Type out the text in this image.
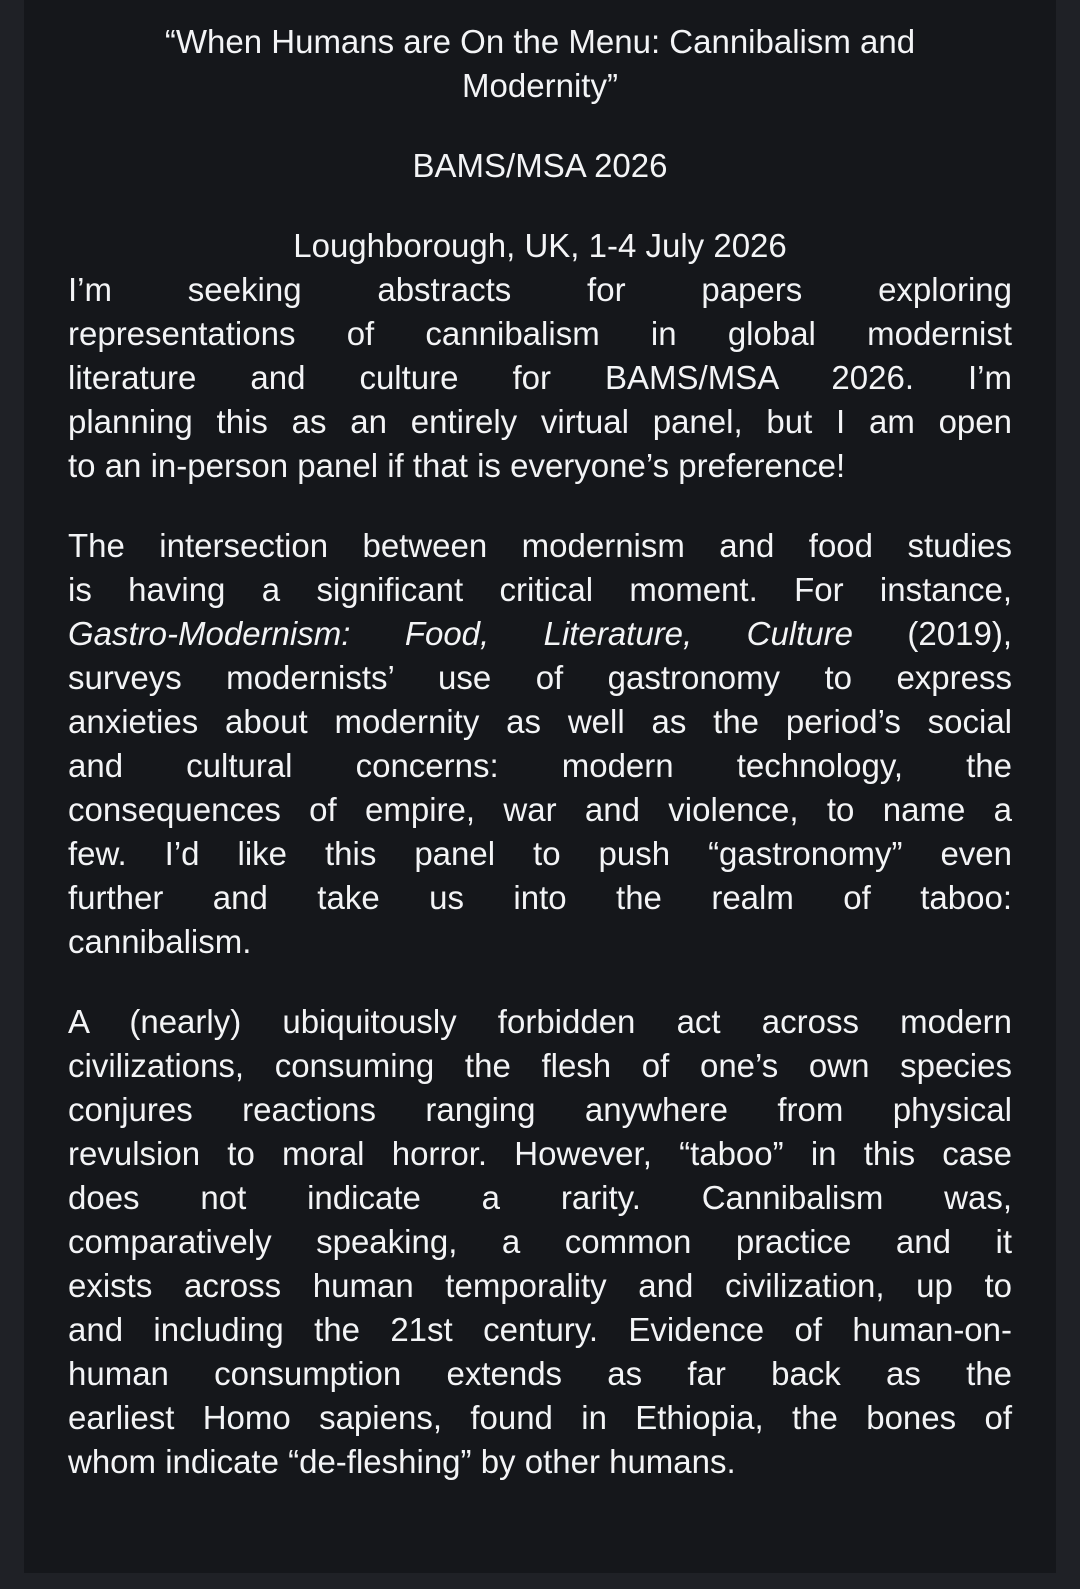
“When Humans are On the Menu: Cannibalism and
Modernity”
BAMS/MSA 2026
Loughborough, UK, 1-4 July 2026

I’m seeking abstracts for papers exploring
representations of cannibalism in global modernist
literature and culture for BAMS/MSA 2026. I’m
planning this as an entirely virtual panel, but I am open
to an in-person panel if that is everyone’s preference!

The intersection between modernism and food studies
is having a significant critical moment. For instance,
Gastro-Modernism: Food, Literature, Culture (2019),
surveys modernists’ use of gastronomy to express
anxieties about modernity as well as the period’s social
and cultural concerns: modern technology, the
consequences of empire, war and violence, to name a
few. I’d like this panel to push “gastronomy” even
further and take us into the realm of taboo:
cannibalism.

A (nearly) ubiquitously forbidden act across modern
civilizations, consuming the flesh of one’s own species
conjures reactions ranging anywhere from physical
revulsion to moral horror. However, “taboo” in this case
does not indicate a rarity. Cannibalism was,
comparatively speaking, a common practice and it
exists across human temporality and civilization, up to
and including the 21st century. Evidence of human-on-
human consumption extends as far back as the
earliest Homo sapiens, found in Ethiopia, the bones of
whom indicate “de-fleshing” by other humans.
